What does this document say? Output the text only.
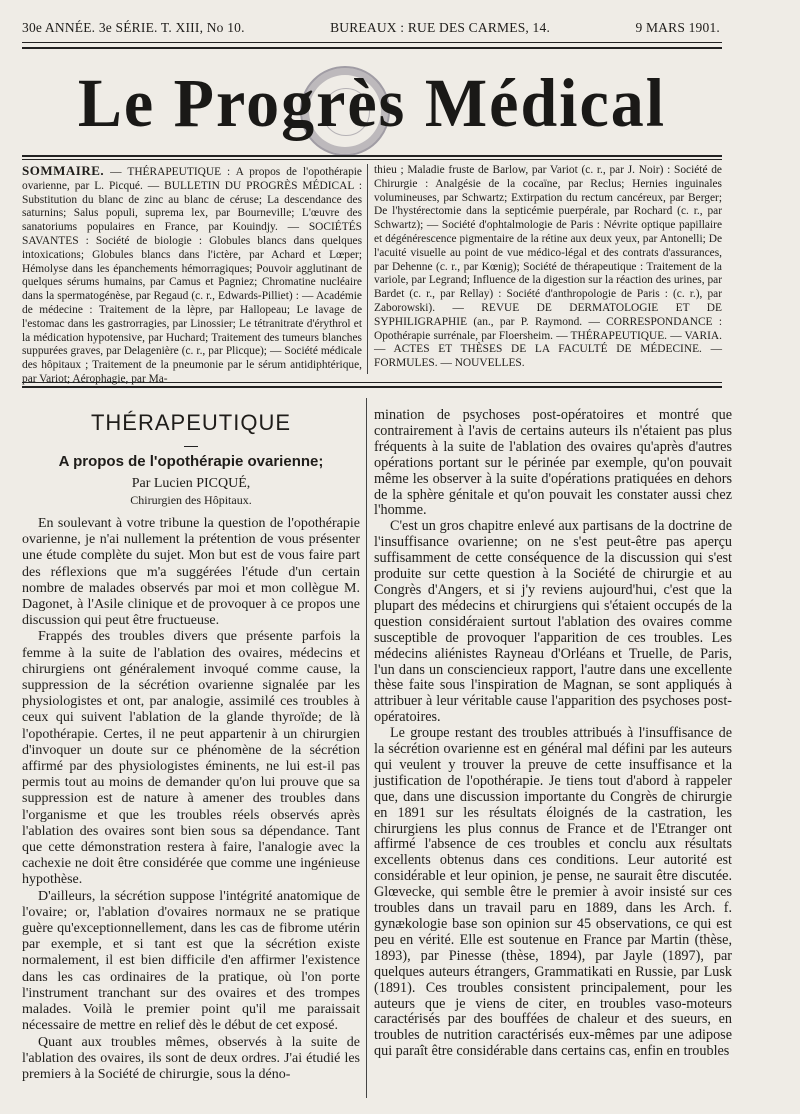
30e ANNÉE. 3e SÉRIE. T. XIII, No 10.	BUREAUX : RUE DES CARMES, 14.	9 MARS 1901.
Le Progrès Médical

SOMMAIRE. — THÉRAPEUTIQUE : A propos de l'opothérapie ovarienne, par L. Picqué. — BULLETIN DU PROGRÈS MÉDICAL : Substitution du blanc de zinc au blanc de céruse; La descendance des saturnins; Salus populi, suprema lex, par Bourneville; L'œuvre des sanatoriums populaires en France, par Kouindjy. — SOCIÉTÉS SAVANTES : Société de biologie : Globules blancs dans quelques intoxications; Globules blancs dans l'ictère, par Achard et Lœper; Hémolyse dans les épanchements hémorragiques; Pouvoir agglutinant de quelques sérums humains, par Camus et Pagniez; Chromatine nucléaire dans la spermatogénèse, par Regaud (c. r., Edwards-Pilliet) : — Académie de médecine : Traitement de la lèpre, par Hallopeau; Le lavage de l'estomac dans les gastrorragies, par Linossier; Le tétranitrate d'érythrol et la médication hypotensive, par Huchard; Traitement des tumeurs blanches suppurées graves, par Delagenière (c. r., par Plicque); — Société médicale des hôpitaux ; Traitement de la pneumonie par le sérum antidiphtérique, par Variot; Aérophagie, par Ma-

thieu ; Maladie fruste de Barlow, par Variot (c. r., par J. Noir) : Société de Chirurgie : Analgésie de la cocaïne, par Reclus; Hernies inguinales volumineuses, par Schwartz; Extirpation du rectum cancéreux, par Berger; De l'hystérectomie dans la septicémie puerpérale, par Rochard (c. r., par Schwartz); — Société d'ophtalmologie de Paris : Névrite optique papillaire et dégénérescence pigmentaire de la rétine aux deux yeux, par Antonelli; De l'acuité visuelle au point de vue médico-légal et des contrats d'assurances, par Dehenne (c. r., par Kœnig); Société de thérapeutique : Traitement de la variole, par Legrand; Influence de la digestion sur la réaction des urines, par Bardet (c. r., par Rellay) : Société d'anthropologie de Paris : (c. r.), par Zaborowski). — REVUE DE DERMATOLOGIE ET DE SYPHILIGRAPHIE (an., par P. Raymond. — CORRESPONDANCE : Opothérapie surrénale, par Floersheim. — THÉRAPEUTIQUE. — VARIA. — ACTES ET THÈSES DE LA FACULTÉ DE MÉDECINE. — FORMULES. — NOUVELLES.

THÉRAPEUTIQUE
A propos de l'opothérapie ovarienne;
Par Lucien PICQUÉ,
Chirurgien des Hôpitaux.

En soulevant à votre tribune la question de l'opothérapie ovarienne, je n'ai nullement la prétention de vous présenter une étude complète du sujet. Mon but est de vous faire part des réflexions que m'a suggérées l'étude d'un certain nombre de malades observés par moi et mon collègue M. Dagonet, à l'Asile clinique et de provoquer à ce propos une discussion qui peut être fructueuse.

Frappés des troubles divers que présente parfois la femme à la suite de l'ablation des ovaires, médecins et chirurgiens ont généralement invoqué comme cause, la suppression de la sécrétion ovarienne signalée par les physiologistes et ont, par analogie, assimilé ces troubles à ceux qui suivent l'ablation de la glande thyroïde; de là l'opothérapie. Certes, il ne peut appartenir à un chirurgien d'invoquer un doute sur ce phénomène de la sécrétion affirmé par des physiologistes éminents, ne lui est-il pas permis tout au moins de demander qu'on lui prouve que sa suppression est de nature à amener des troubles dans l'organisme et que les troubles réels observés après l'ablation des ovaires sont bien sous sa dépendance. Tant que cette démonstration restera à faire, l'analogie avec la cachexie ne doit être considérée que comme une ingénieuse hypothèse.

D'ailleurs, la sécrétion suppose l'intégrité anatomique de l'ovaire; or, l'ablation d'ovaires normaux ne se pratique guère qu'exceptionnellement, dans les cas de fibrome utérin par exemple, et si tant est que la sécrétion existe normalement, il est bien difficile d'en affirmer l'existence dans les cas ordinaires de la pratique, où l'on porte l'instrument tranchant sur des ovaires et des trompes malades. Voilà le premier point qu'il me paraissait nécessaire de mettre en relief dès le début de cet exposé.

Quant aux troubles mêmes, observés à la suite de l'ablation des ovaires, ils sont de deux ordres. J'ai étudié les premiers à la Société de chirurgie, sous la déno-

mination de psychoses post-opératoires et montré que contrairement à l'avis de certains auteurs ils n'étaient pas plus fréquents à la suite de l'ablation des ovaires qu'après d'autres opérations portant sur le périnée par exemple, qu'on pouvait même les observer à la suite d'opérations pratiquées en dehors de la sphère génitale et qu'on pouvait les constater aussi chez l'homme.

C'est un gros chapitre enlevé aux partisans de la doctrine de l'insuffisance ovarienne; on ne s'est peut-être pas aperçu suffisamment de cette conséquence de la discussion qui s'est produite sur cette question à la Société de chirurgie et au Congrès d'Angers, et si j'y reviens aujourd'hui, c'est que la plupart des médecins et chirurgiens qui s'étaient occupés de la question considéraient surtout l'ablation des ovaires comme susceptible de provoquer l'apparition de ces troubles. Les médecins aliénistes Rayneau d'Orléans et Truelle, de Paris, l'un dans un consciencieux rapport, l'autre dans une excellente thèse faite sous l'inspiration de Magnan, se sont appliqués à attribuer à leur véritable cause l'apparition des psychoses post-opératoires.

Le groupe restant des troubles attribués à l'insuffisance de la sécrétion ovarienne est en général mal défini par les auteurs qui veulent y trouver la preuve de cette insuffisance et la justification de l'opothérapie. Je tiens tout d'abord à rappeler que, dans une discussion importante du Congrès de chirurgie en 1891 sur les résultats éloignés de la castration, les chirurgiens les plus connus de France et de l'Etranger ont affirmé l'absence de ces troubles et conclu aux résultats excellents obtenus dans ces conditions. Leur autorité est considérable et leur opinion, je pense, ne saurait être discutée. Glœvecke, qui semble être le premier à avoir insisté sur ces troubles dans un travail paru en 1889, dans les Arch. f. gynækologie base son opinion sur 45 observations, ce qui est peu en vérité. Elle est soutenue en France par Martin (thèse, 1893), par Pinesse (thèse, 1894), par Jayle (1897), par quelques auteurs étrangers, Grammatikati en Russie, par Lusk (1891). Ces troubles consistent principalement, pour les auteurs que je viens de citer, en troubles vaso-moteurs caractérisés par des bouffées de chaleur et des sueurs, en troubles de nutrition caractérisés eux-mêmes par une adipose qui paraît être considérable dans certains cas, enfin en troubles
